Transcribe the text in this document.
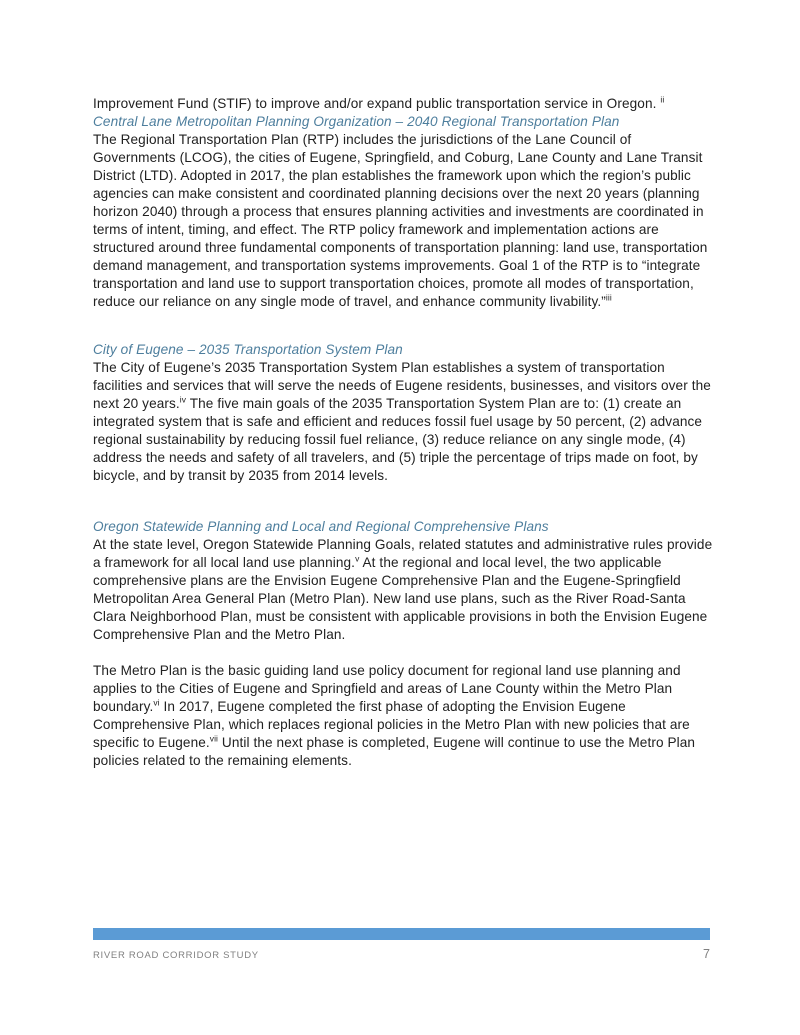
Improvement Fund (STIF) to improve and/or expand public transportation service in Oregon. $^{ii}$

Central Lane Metropolitan Planning Organization – 2040 Regional Transportation Plan

The Regional Transportation Plan (RTP) includes the jurisdictions of the Lane Council of Governments (LCOG), the cities of Eugene, Springfield, and Coburg, Lane County and Lane Transit District (LTD). Adopted in 2017, the plan establishes the framework upon which the region’s public agencies can make consistent and coordinated planning decisions over the next 20 years (planning horizon 2040) through a process that ensures planning activities and investments are coordinated in terms of intent, timing, and effect. The RTP policy framework and implementation actions are structured around three fundamental components of transportation planning: land use, transportation demand management, and transportation systems improvements. Goal 1 of the RTP is to “integrate transportation and land use to support transportation choices, promote all modes of transportation, reduce our reliance on any single mode of travel, and enhance community livability.”$^{iii}$

City of Eugene – 2035 Transportation System Plan

The City of Eugene’s 2035 Transportation System Plan establishes a system of transportation facilities and services that will serve the needs of Eugene residents, businesses, and visitors over the next 20 years.$^{iv}$ The five main goals of the 2035 Transportation System Plan are to: (1) create an integrated system that is safe and efficient and reduces fossil fuel usage by 50 percent, (2) advance regional sustainability by reducing fossil fuel reliance, (3) reduce reliance on any single mode, (4) address the needs and safety of all travelers, and (5) triple the percentage of trips made on foot, by bicycle, and by transit by 2035 from 2014 levels.

Oregon Statewide Planning and Local and Regional Comprehensive Plans

At the state level, Oregon Statewide Planning Goals, related statutes and administrative rules provide a framework for all local land use planning.$^v$ At the regional and local level, the two applicable comprehensive plans are the Envision Eugene Comprehensive Plan and the Eugene-Springfield Metropolitan Area General Plan (Metro Plan). New land use plans, such as the River Road-Santa Clara Neighborhood Plan, must be consistent with applicable provisions in both the Envision Eugene Comprehensive Plan and the Metro Plan.

The Metro Plan is the basic guiding land use policy document for regional land use planning and applies to the Cities of Eugene and Springfield and areas of Lane County within the Metro Plan boundary.$^{vi}$ In 2017, Eugene completed the first phase of adopting the Envision Eugene Comprehensive Plan, which replaces regional policies in the Metro Plan with new policies that are specific to Eugene.$^{vii}$ Until the next phase is completed, Eugene will continue to use the Metro Plan policies related to the remaining elements.

RIVER ROAD CORRIDOR STUDY	7
